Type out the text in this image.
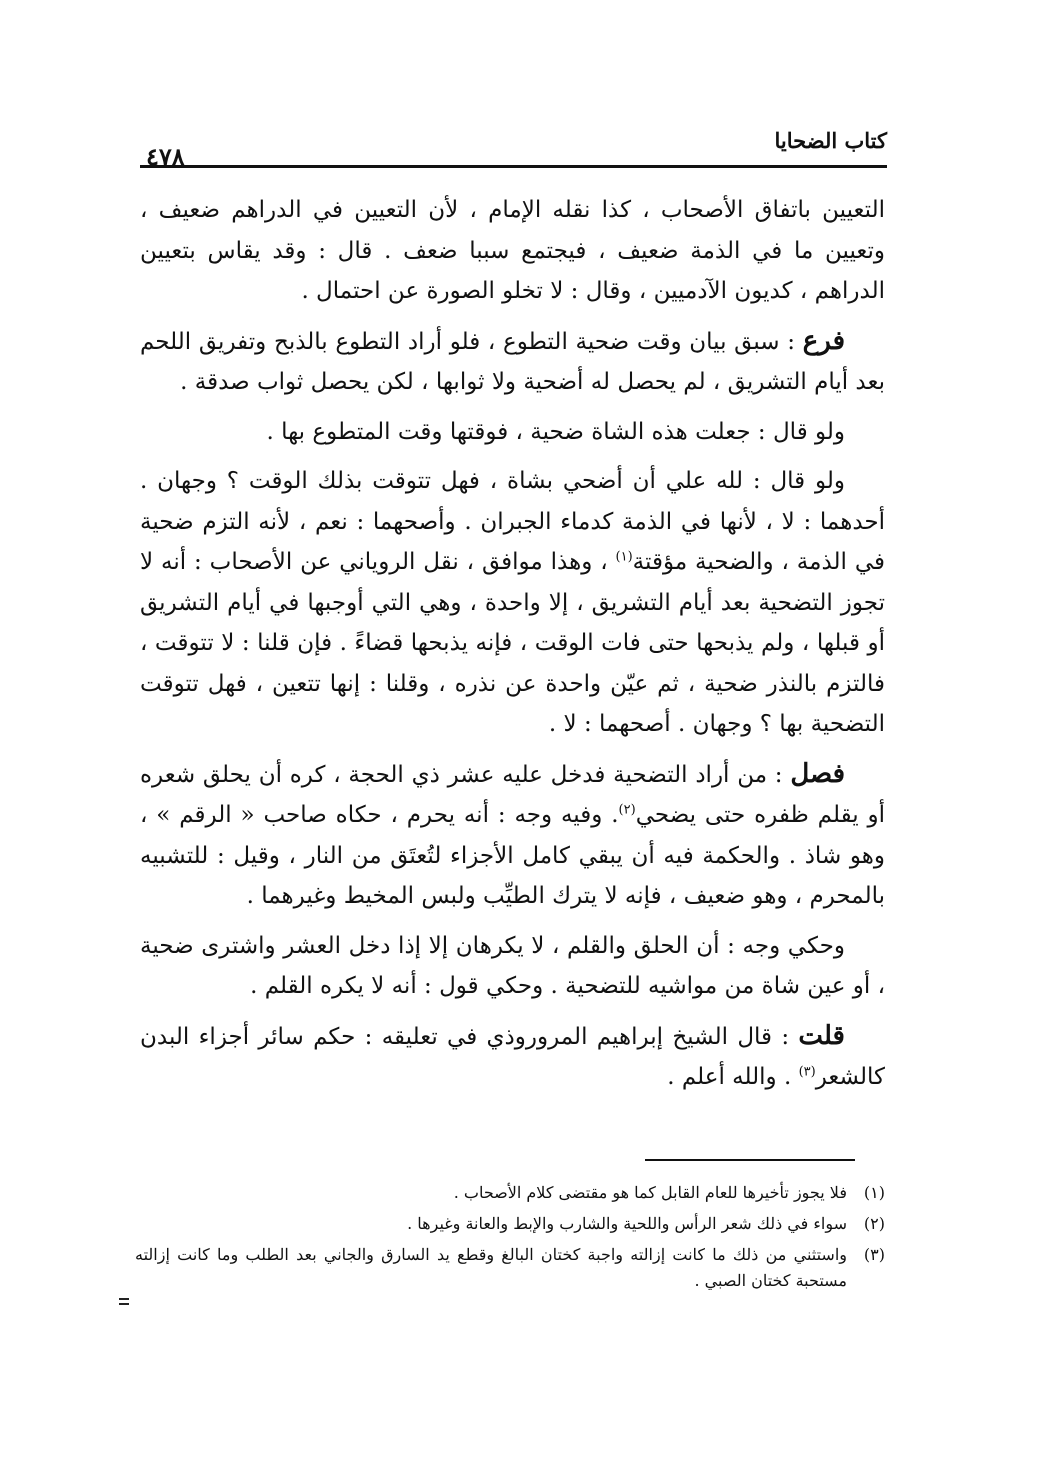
كتاب الضحايا
٤٧٨

التعيين باتفاق الأصحاب ، كذا نقله الإمام ، لأن التعيين في الدراهم ضعيف ، وتعيين ما في الذمة ضعيف ، فيجتمع سببا ضعف . قال : وقد يقاس بتعيين الدراهم ، كديون الآدميين ، وقال : لا تخلو الصورة عن احتمال .

فرع : سبق بيان وقت ضحية التطوع ، فلو أراد التطوع بالذبح وتفريق اللحم بعد أيام التشريق ، لم يحصل له أضحية ولا ثوابها ، لكن يحصل ثواب صدقة .

ولو قال : جعلت هذه الشاة ضحية ، فوقتها وقت المتطوع بها .

ولو قال : لله علي أن أضحي بشاة ، فهل تتوقت بذلك الوقت ؟ وجهان . أحدهما : لا ، لأنها في الذمة كدماء الجبران . وأصحهما : نعم ، لأنه التزم ضحية في الذمة ، والضحية مؤقتة$^{(١)}$ ، وهذا موافق ، نقل الروياني عن الأصحاب : أنه لا تجوز التضحية بعد أيام التشريق ، إلا واحدة ، وهي التي أوجبها في أيام التشريق أو قبلها ، ولم يذبحها حتى فات الوقت ، فإنه يذبحها قضاءً . فإن قلنا : لا تتوقت ، فالتزم بالنذر ضحية ، ثم عيّن واحدة عن نذره ، وقلنا : إنها تتعين ، فهل تتوقت التضحية بها ؟ وجهان . أصحهما : لا .

فصل : من أراد التضحية فدخل عليه عشر ذي الحجة ، كره أن يحلق شعره أو يقلم ظفره حتى يضحي$^{(٢)}$. وفيه وجه : أنه يحرم ، حكاه صاحب « الرقم » ، وهو شاذ . والحكمة فيه أن يبقي كامل الأجزاء لتُعتَق من النار ، وقيل : للتشبيه بالمحرم ، وهو ضعيف ، فإنه لا يترك الطيِّب ولبس المخيط وغيرهما .

وحكي وجه : أن الحلق والقلم ، لا يكرهان إلا إذا دخل العشر واشترى ضحية ، أو عين شاة من مواشيه للتضحية . وحكي قول : أنه لا يكره القلم .

قلت : قال الشيخ إبراهيم المروروذي في تعليقه : حكم سائر أجزاء البدن كالشعر$^{(٣)}$ . والله أعلم .

(١)
فلا يجوز تأخيرها للعام القابل كما هو مقتضى كلام الأصحاب .
(٢)
سواء في ذلك شعر الرأس واللحية والشارب والإبط والعانة وغيرها .
(٣)
واستثني من ذلك ما كانت إزالته واجبة كختان البالغ وقطع يد السارق والجاني بعد الطلب وما كانت إزالته مستحبة كختان الصبي .
